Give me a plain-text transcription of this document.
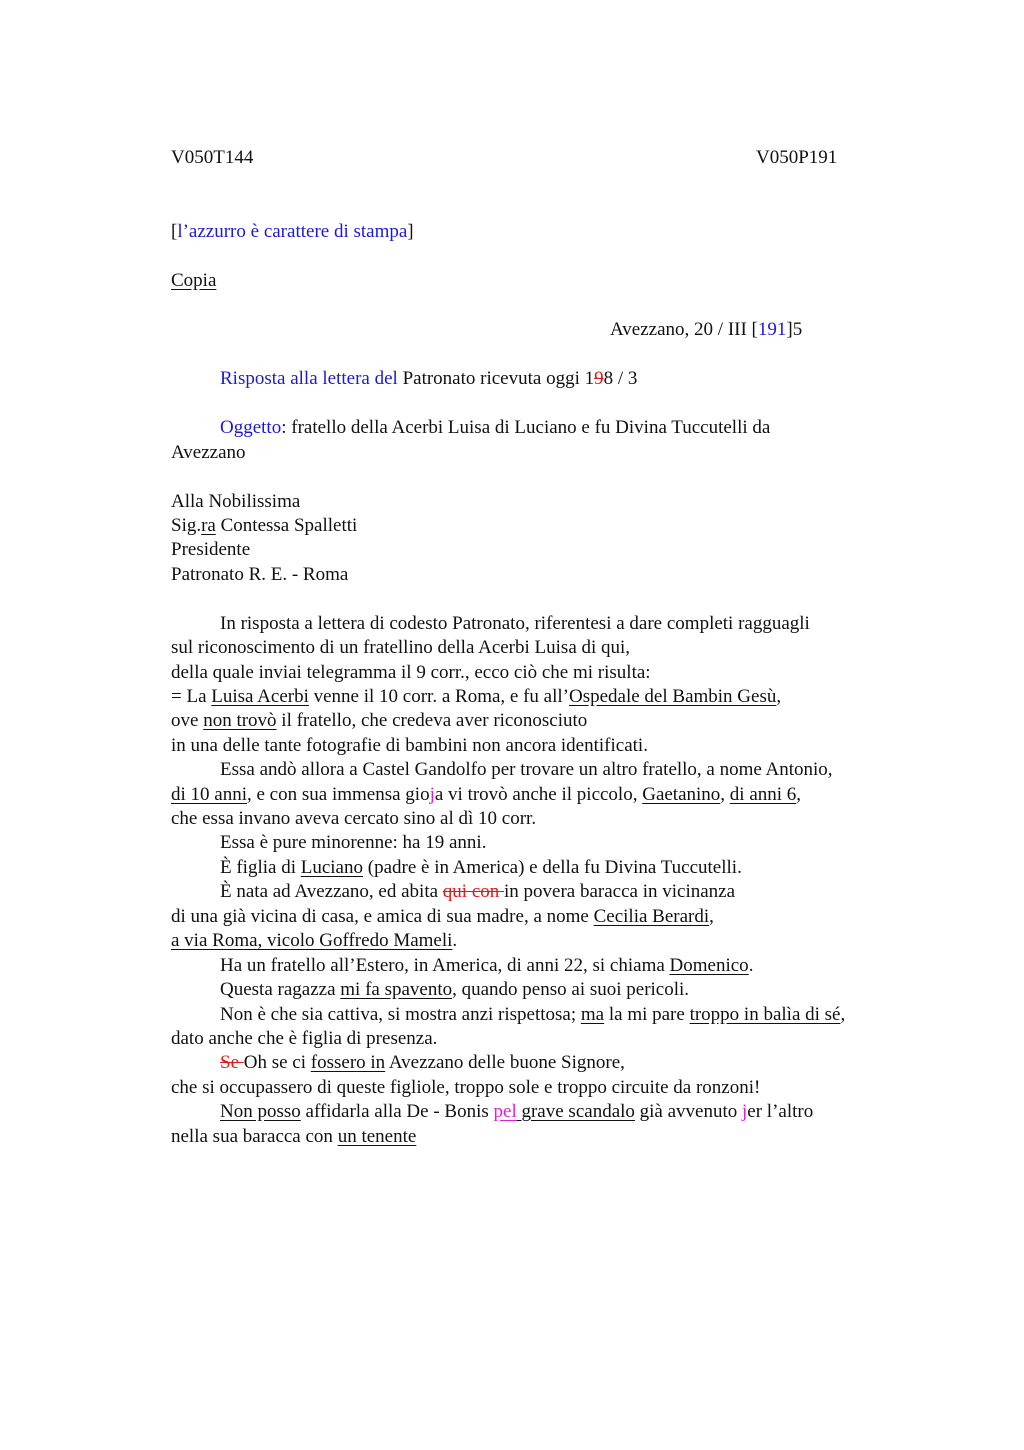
V050T144	V050P191
[l’azzurro è carattere di stampa]
Copia
Avezzano, 20 / III [191]5
Risposta alla lettera del Patronato ricevuta oggi 198 / 3
Oggetto: fratello della Acerbi Luisa di Luciano e fu Divina Tuccutelli da
Avezzano
Alla Nobilissima
Sig.ra Contessa Spalletti
Presidente
Patronato R. E. - Roma
In risposta a lettera di codesto Patronato, riferentesi a dare completi ragguagli
sul riconoscimento di un fratellino della Acerbi Luisa di qui,
della quale inviai telegramma il 9 corr., ecco ciò che mi risulta:
= La Luisa Acerbi venne il 10 corr. a Roma, e fu all’Ospedale del Bambin Gesù,
ove non trovò il fratello, che credeva aver riconosciuto
in una delle tante fotografie di bambini non ancora identificati.
Essa andò allora a Castel Gandolfo per trovare un altro fratello, a nome Antonio,
di 10 anni, e con sua immensa gioja vi trovò anche il piccolo, Gaetanino, di anni 6,
che essa invano aveva cercato sino al dì 10 corr.
Essa è pure minorenne: ha 19 anni.
È figlia di Luciano (padre è in America) e della fu Divina Tuccutelli.
È nata ad Avezzano, ed abita qui con in povera baracca in vicinanza
di una già vicina di casa, e amica di sua madre, a nome Cecilia Berardi,
a via Roma, vicolo Goffredo Mameli.
Ha un fratello all’Estero, in America, di anni 22, si chiama Domenico.
Questa ragazza mi fa spavento, quando penso ai suoi pericoli.
Non è che sia cattiva, si mostra anzi rispettosa; ma la mi pare troppo in balìa di sé,
dato anche che è figlia di presenza.
Se Oh se ci fossero in Avezzano delle buone Signore,
che si occupassero di queste figliole, troppo sole e troppo circuite da ronzoni!
Non posso affidarla alla De - Bonis pel grave scandalo già avvenuto jer l’altro
nella sua baracca con un tenente
